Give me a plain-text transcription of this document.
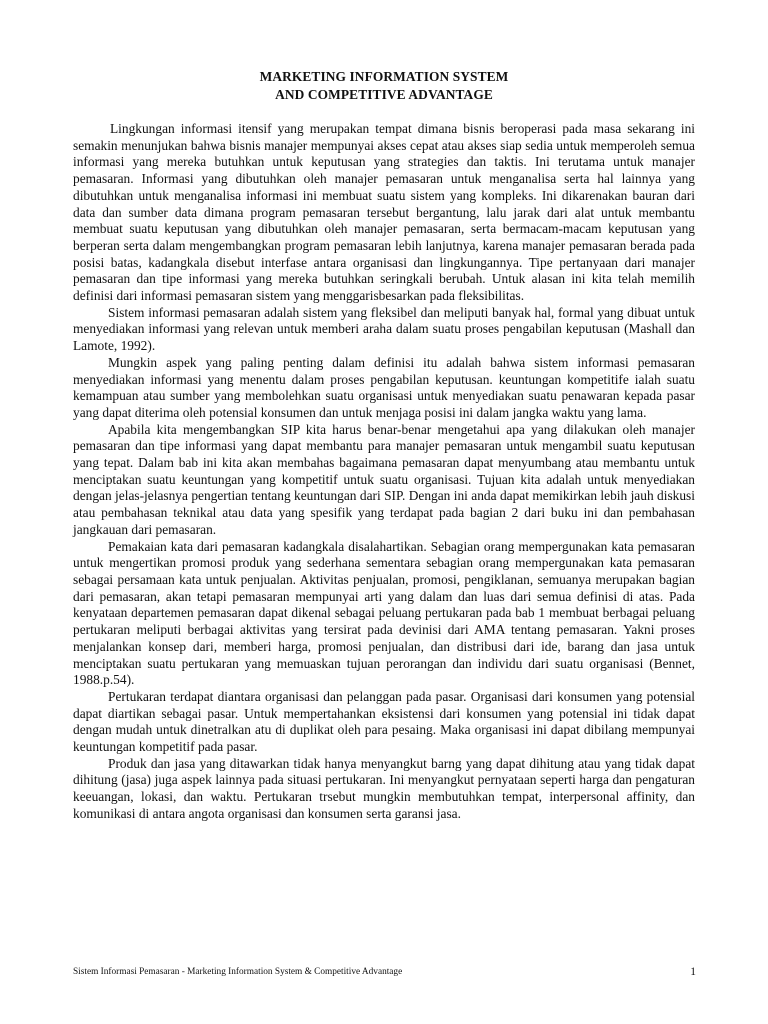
MARKETING INFORMATION SYSTEM
AND COMPETITIVE ADVANTAGE

Lingkungan informasi itensif yang merupakan tempat dimana bisnis beroperasi pada masa sekarang ini semakin menunjukan bahwa bisnis manajer mempunyai akses cepat atau akses siap sedia untuk memperoleh semua informasi yang mereka butuhkan untuk keputusan yang strategies dan taktis. Ini terutama untuk manajer pemasaran. Informasi yang dibutuhkan oleh manajer pemasaran untuk menganalisa serta hal lainnya yang dibutuhkan untuk menganalisa informasi ini membuat suatu sistem yang kompleks. Ini dikarenakan bauran dari data dan sumber data dimana program pemasaran tersebut bergantung, lalu jarak dari alat untuk membantu membuat suatu keputusan yang dibutuhkan oleh manajer pemasaran, serta bermacam-macam keputusan yang berperan serta dalam mengembangkan program pemasaran lebih lanjutnya, karena manajer pemasaran berada pada posisi batas, kadangkala disebut interfase antara organisasi dan lingkungannya. Tipe pertanyaan dari manajer pemasaran dan tipe informasi yang mereka butuhkan seringkali berubah. Untuk alasan ini kita telah memilih definisi dari informasi pemasaran sistem yang menggarisbesarkan pada fleksibilitas.

Sistem informasi pemasaran adalah sistem yang fleksibel dan meliputi banyak hal, formal yang dibuat untuk menyediakan informasi yang relevan untuk memberi araha dalam suatu proses pengabilan keputusan (Mashall dan Lamote, 1992).

Mungkin aspek yang paling penting dalam definisi itu adalah bahwa sistem informasi pemasaran menyediakan informasi yang menentu dalam proses pengabilan keputusan. keuntungan kompetitife ialah suatu kemampuan atau sumber yang membolehkan suatu organisasi untuk menyediakan suatu penawaran kepada pasar yang dapat diterima oleh potensial konsumen dan untuk menjaga posisi ini dalam jangka waktu yang lama.

Apabila kita mengembangkan SIP kita harus benar-benar mengetahui apa yang dilakukan oleh manajer pemasaran dan tipe informasi yang dapat membantu para manajer pemasaran untuk mengambil suatu keputusan yang tepat. Dalam bab ini kita akan membahas bagaimana pemasaran dapat menyumbang atau membantu untuk menciptakan suatu keuntungan yang kompetitif untuk suatu organisasi. Tujuan kita adalah untuk menyediakan dengan jelas-jelasnya pengertian tentang keuntungan dari SIP. Dengan ini anda dapat memikirkan lebih jauh diskusi atau pembahasan teknikal atau data yang spesifik yang terdapat pada bagian 2 dari buku ini dan pembahasan jangkauan dari pemasaran.

Pemakaian kata dari pemasaran kadangkala disalahartikan. Sebagian orang mempergunakan kata pemasaran untuk mengertikan promosi produk yang sederhana sementara sebagian orang mempergunakan kata pemasaran sebagai persamaan kata untuk penjualan. Aktivitas penjualan, promosi, pengiklanan, semuanya merupakan bagian dari pemasaran, akan tetapi pemasaran mempunyai arti yang dalam dan luas dari semua definisi di atas. Pada kenyataan departemen pemasaran dapat dikenal sebagai peluang pertukaran pada bab 1 membuat berbagai peluang pertukaran meliputi berbagai aktivitas yang tersirat pada devinisi dari AMA tentang pemasaran. Yakni proses menjalankan konsep dari, memberi harga, promosi penjualan, dan distribusi dari ide, barang dan jasa untuk menciptakan suatu pertukaran yang memuaskan tujuan perorangan dan individu dari suatu organisasi (Bennet, 1988.p.54).

Pertukaran terdapat diantara organisasi dan pelanggan pada pasar. Organisasi dari konsumen yang potensial dapat diartikan sebagai pasar. Untuk mempertahankan eksistensi dari konsumen yang potensial ini tidak dapat dengan mudah untuk dinetralkan atu di duplikat oleh para pesaing. Maka organisasi ini dapat dibilang mempunyai keuntungan kompetitif pada pasar.

Produk dan jasa yang ditawarkan tidak hanya menyangkut barng yang dapat dihitung atau yang tidak dapat dihitung (jasa) juga aspek lainnya pada situasi pertukaran. Ini menyangkut pernyataan seperti harga dan pengaturan keeuangan, lokasi, dan waktu. Pertukaran trsebut mungkin membutuhkan tempat, interpersonal affinity, dan komunikasi di antara angota organisasi dan konsumen serta garansi jasa.

Sistem Informasi Pemasaran - Marketing Information System & Competitive Advantage	1
